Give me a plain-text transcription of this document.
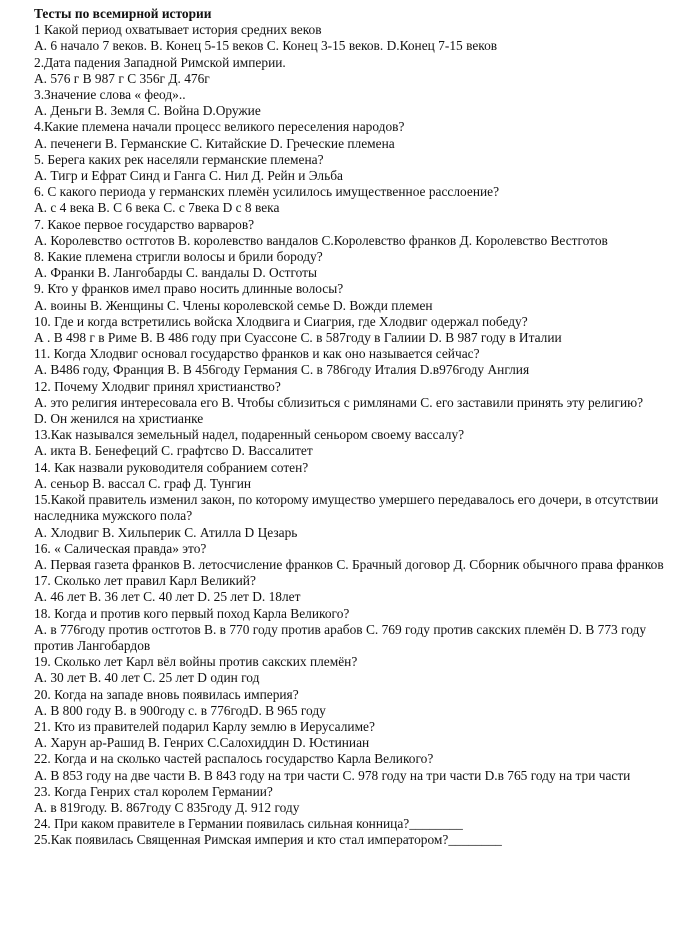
Тесты по всемирной истории
1 Какой период охватывает история средних веков
А. 6 начало 7 веков. В. Конец 5-15 веков С. Конец 3-15 веков. D.Конец 7-15 веков
2.Дата падения Западной Римской империи.
А. 576 г В 987 г С 356г Д. 476г
3.Значение слова « феод»..
А. Деньги В. Земля С. Война D.Оружие
4.Какие племена начали процесс великого переселения народов?
А. печенеги В. Германские С. Китайские D. Греческие племена
5. Берега каких рек населяли германские племена?
А. Тигр и Ефрат Синд и Ганга С. Нил Д. Рейн и Эльба
6. С какого периода у германских племён усилилось имущественное расслоение?
А. с 4 века В. С 6 века С. с 7века D с 8 века
7. Какое первое государство варваров?
А. Королевство остготов В. королевство вандалов С.Королевство франков Д. Королевство Вестготов
8. Какие племена стригли волосы и брили бороду?
А. Франки В. Лангобарды С. вандалы D. Остготы
9. Кто у франков имел право носить длинные волосы?
А. воины В. Женщины С. Члены королевской семье D. Вожди племен
10. Где и когда встретились войска Хлодвига и Сиагрия, где Хлодвиг одержал победу?
А . В 498 г в Риме В. В 486 году при Суассоне С. в 587году в Галиии D. В 987 году в Италии
11. Когда Хлодвиг основал государство франков и как оно называется сейчас?
А. В486 году, Франция В. В 456году Германия С. в 786году Италия D.в976году Англия
12. Почему Хлодвиг принял христианство?
А. это религия интересовала его В. Чтобы сблизиться с римлянами С. его заставили принять эту религию?
D. Он женился на христианке
13.Как назывался земельный надел, подаренный сеньором своему вассалу?
А. икта В. Бенефеций С. графтсво D. Вассалитет
14. Как назвали руководителя собранием сотен?
А. сеньор В. вассал С. граф Д. Тунгин
15.Какой правитель изменил закон, по которому имущество умершего передавалось его дочери, в отсутствии наследника мужского пола?
А. Хлодвиг В. Хильперик С. Атилла D Цезарь
16. « Салическая правда» это?
А. Первая газета франков В. летосчисление франков С. Брачный договор Д. Сборник обычного права франков
17. Сколько лет правил Карл Великий?
А. 46 лет В. 36 лет С. 40 лет D. 25 лет D. 18лет
18. Когда и против кого первый поход Карла Великого?
А. в 776году против остготов В. в 770 году против арабов С. 769 году против сакских племён D. В 773 году против Лангобардов
19. Сколько лет Карл вёл войны против сакских племён?
А. 30 лет В. 40 лет С. 25 лет D один год
20. Когда на западе вновь появилась империя?
А. В 800 году В. в 900году с. в 776годD. В 965 году
21. Кто из правителей подарил Карлу землю в Иерусалиме?
А. Харун ар-Рашид В. Генрих С.Салохиддин D. Юстиниан
22. Когда и на сколько частей распалось государство Карла Великого?
А. В 853 году на две части В. В 843 году на три части С. 978 году на три части D.в 765 году на три части
23. Когда Генрих стал королем Германии?
А. в 819году. В. 867году С 835году Д. 912 году
24. При каком правителе в Германии появилась сильная конница?________
25.Как появилась Священная Римская империя и кто стал императором?________
